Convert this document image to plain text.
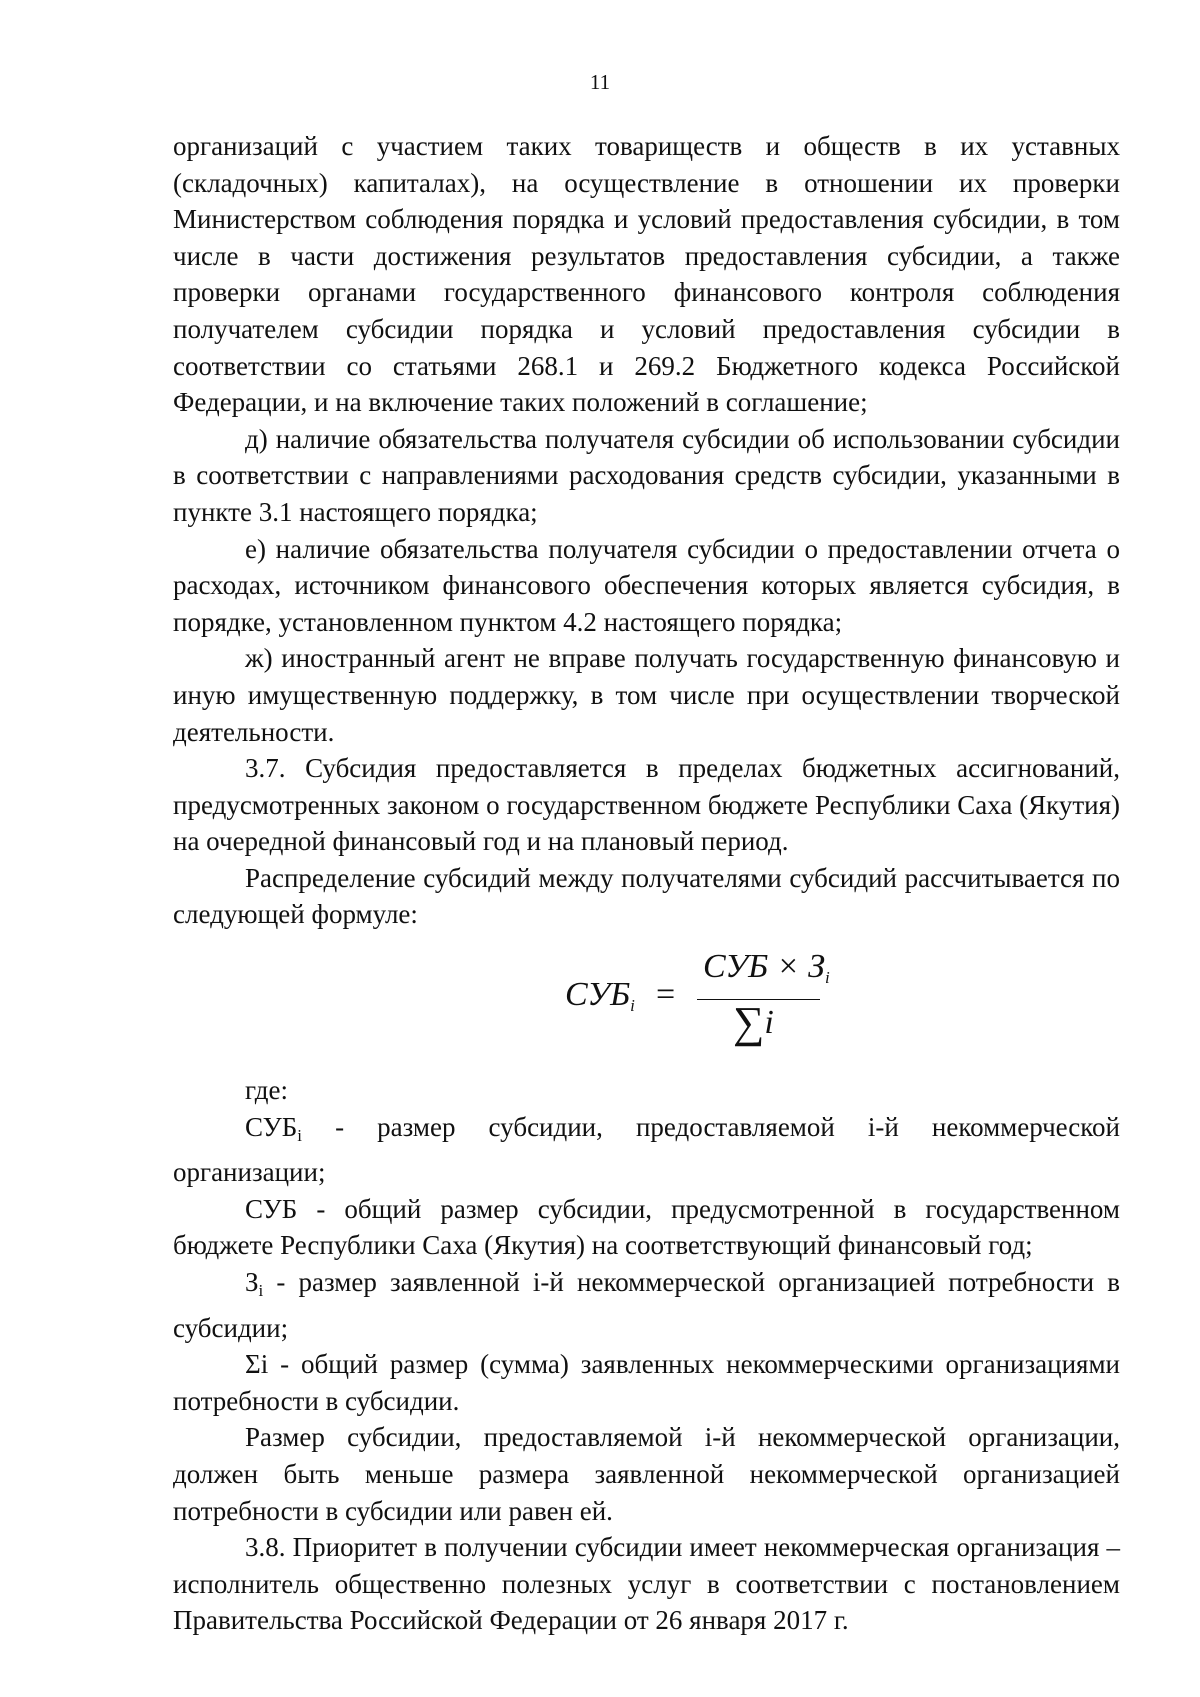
11

организаций с участием таких товариществ и обществ в их уставных (складочных) капиталах), на осуществление в отношении их проверки Министерством соблюдения порядка и условий предоставления субсидии, в том числе в части достижения результатов предоставления субсидии, а также проверки органами государственного финансового контроля соблюдения получателем субсидии порядка и условий предоставления субсидии в соответствии со статьями 268.1 и 269.2 Бюджетного кодекса Российской Федерации, и на включение таких положений в соглашение;

д) наличие обязательства получателя субсидии об использовании субсидии в соответствии с направлениями расходования средств субсидии, указанными в пункте 3.1 настоящего порядка;

е) наличие обязательства получателя субсидии о предоставлении отчета о расходах, источником финансового обеспечения которых является субсидия, в порядке, установленном пунктом 4.2 настоящего порядка;

ж) иностранный агент не вправе получать государственную финансовую и иную имущественную поддержку, в том числе при осуществлении творческой деятельности.

3.7. Субсидия предоставляется в пределах бюджетных ассигнований, предусмотренных законом о государственном бюджете Республики Саха (Якутия) на очередной финансовый год и на плановый период.

Распределение субсидий между получателями субсидий рассчитывается по следующей формуле:

$СУБ_i$ =
СУБ × $З_i$
∑i

где:

СУБi - размер субсидии, предоставляемой i-й некоммерческой организации;

СУБ - общий размер субсидии, предусмотренной в государственном бюджете Республики Саха (Якутия) на соответствующий финансовый год;

Зi - размер заявленной i-й некоммерческой организацией потребности в субсидии;

Σi - общий размер (сумма) заявленных некоммерческими организациями потребности в субсидии.

Размер субсидии, предоставляемой i-й некоммерческой организации, должен быть меньше размера заявленной некоммерческой организацией потребности в субсидии или равен ей.

3.8. Приоритет в получении субсидии имеет некоммерческая организация – исполнитель общественно полезных услуг в соответствии с постановлением Правительства Российской Федерации от 26 января 2017 г.
